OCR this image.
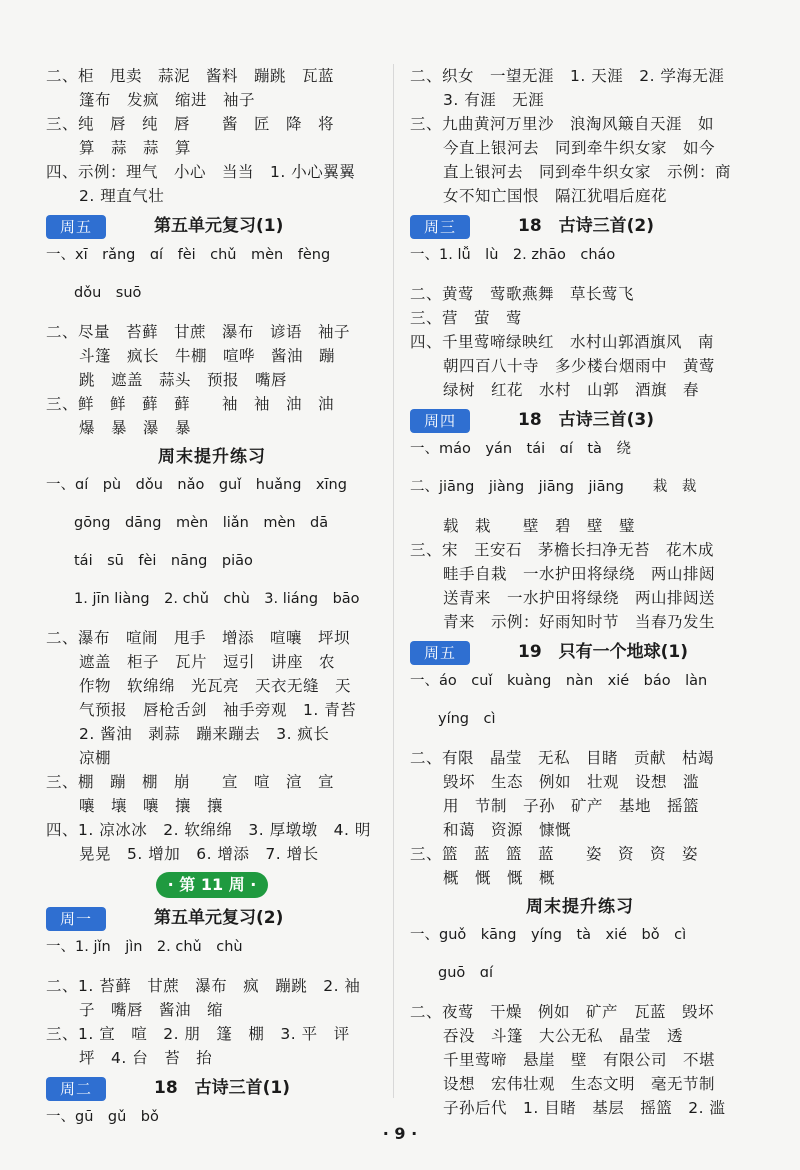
二、柜　甩卖　蒜泥　酱料　蹦跳　瓦蓝
篷布　发疯　缩进　袖子
三、纯　唇　纯　唇　　酱　匠　降　将
算　蒜　蒜　算
四、示例：理气　小心　当当　1. 小心翼翼
2. 理直气壮
周五	第五单元复习(1)
一、xī　rǎng　ɑí　fèi　chǔ　mèn　fèng
dǒu　suō
二、尽量　苔藓　甘蔗　瀑布　谚语　袖子
斗篷　疯长　牛棚　喧哗　酱油　蹦
跳　遮盖　蒜头　预报　嘴唇
三、鲜　鲜　藓　藓　　袖　袖　油　油
爆　暴　瀑　暴
周末提升练习
一、ɑí　pù　dǒu　nǎo　guǐ　huǎng　xīng
gōng　dāng　mèn　liǎn　mèn　dā
tái　sū　fèi　nāng　piāo
1. jīn liàng　2. chǔ　chù　3. liáng　bāo
二、瀑布　喧闹　甩手　增添　喧嚷　坪坝
遮盖　柜子　瓦片　逗引　讲座　农
作物　软绵绵　光瓦亮　天衣无缝　天
气预报　唇枪舌剑　袖手旁观　1. 青苔
2. 酱油　剥蒜　蹦来蹦去　3. 疯长
凉棚
三、棚　蹦　棚　崩　　宣　喧　渲　宣
嚷　壤　嚷　攘　攘
四、1. 凉冰冰　2. 软绵绵　3. 厚墩墩　4. 明
晃晃　5. 增加　6. 增添　7. 增长
· 第 11 周 ·
周一	第五单元复习(2)
一、1. jǐn　jìn　2. chǔ　chù
二、1. 苔藓　甘蔗　瀑布　疯　蹦跳　2. 袖
子　嘴唇　酱油　缩
三、1. 宣　喧　2. 朋　篷　棚　3. 平　评
坪　4. 台　苔　抬
周二	18　古诗三首(1)
一、gū　gǔ　bǒ
二、织女　一望无涯　1. 天涯　2. 学海无涯
3. 有涯　无涯
三、九曲黄河万里沙　浪淘风簸自天涯　如
今直上银河去　同到牵牛织女家　如今
直上银河去　同到牵牛织女家　示例：商
女不知亡国恨　隔江犹唱后庭花
周三	18　古诗三首(2)
一、1. lǚ　lù　2. zhāo　cháo
二、黄莺　莺歌燕舞　草长莺飞
三、营　萤　莺
四、千里莺啼绿映红　水村山郭酒旗风　南
朝四百八十寺　多少楼台烟雨中　黄莺
绿树　红花　水村　山郭　酒旗　春
周四	18　古诗三首(3)
一、máo　yán　tái　ɑí　tà　绕
二、jiāng　jiàng　jiāng　jiāng　　栽　裁
载　栽　　壁　碧　壁　璧
三、宋　王安石　茅檐长扫净无苔　花木成
畦手自栽　一水护田将绿绕　两山排闼
送青来　一水护田将绿绕　两山排闼送
青来　示例：好雨知时节　当春乃发生
周五	19　只有一个地球(1)
一、áo　cuǐ　kuàng　nàn　xié　báo　làn
yíng　cì
二、有限　晶莹　无私　目睹　贡献　枯竭
毁坏　生态　例如　壮观　设想　滥
用　节制　子孙　矿产　基地　摇篮
和蔼　资源　慷慨
三、篮　蓝　篮　蓝　　姿　资　资　姿
概　慨　慨　概
周末提升练习
一、guǒ　kāng　yíng　tà　xié　bǒ　cì
guō　ɑí
二、夜莺　干燥　例如　矿产　瓦蓝　毁坏
吞没　斗篷　大公无私　晶莹　透
千里莺啼　悬崖　壁　有限公司　不堪
设想　宏伟壮观　生态文明　毫无节制
子孙后代　1. 目睹　基层　摇篮　2. 滥
· 9 ·
